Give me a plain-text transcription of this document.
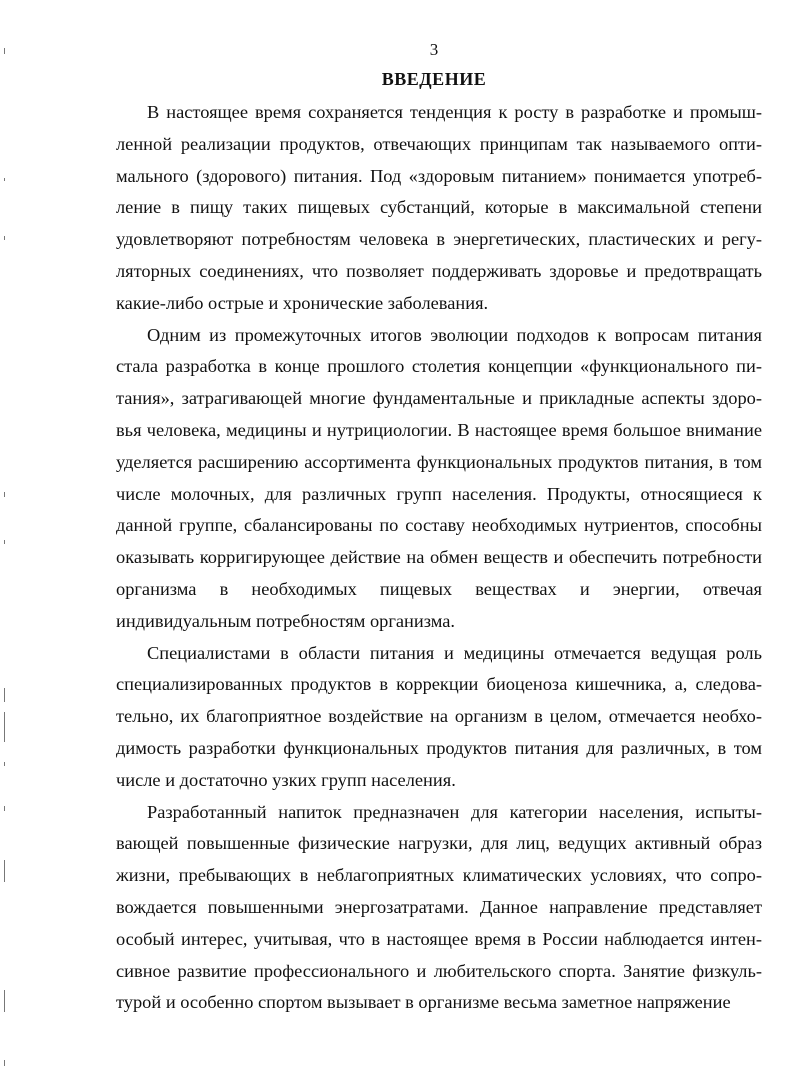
3
ВВЕДЕНИЕ

В настоящее время сохраняется тенденция к росту в разработке и промышленной реализации продуктов, отвечающих принципам так называемого оптимального (здорового) питания. Под «здоровым питанием» понимается употребление в пищу таких пищевых субстанций, которые в максимальной степени удовлетворяют потребностям человека в энергетических, пластических и регуляторных соединениях, что позволяет поддерживать здоровье и предотвращать какие-либо острые и хронические заболевания.

Одним из промежуточных итогов эволюции подходов к вопросам питания стала разработка в конце прошлого столетия концепции «функционального питания», затрагивающей многие фундаментальные и прикладные аспекты здоровья человека, медицины и нутрициологии. В настоящее время большое внимание уделяется расширению ассортимента функциональных продуктов питания, в том числе молочных, для различных групп населения. Продукты, относящиеся к данной группе, сбалансированы по составу необходимых нутриентов, способны оказывать корригирующее действие на обмен веществ и обеспечить потребности организма в необходимых пищевых веществах и энергии, отвечая индивидуальным потребностям организма.

Специалистами в области питания и медицины отмечается ведущая роль специализированных продуктов в коррекции биоценоза кишечника, а, следовательно, их благоприятное воздействие на организм в целом, отмечается необходимость разработки функциональных продуктов питания для различных, в том числе и достаточно узких групп населения.

Разработанный напиток предназначен для категории населения, испытывающей повышенные физические нагрузки, для лиц, ведущих активный образ жизни, пребывающих в неблагоприятных климатических условиях, что сопровождается повышенными энергозатратами. Данное направление представляет особый интерес, учитывая, что в настоящее время в России наблюдается интенсивное развитие профессионального и любительского спорта. Занятие физкультурой и особенно спортом вызывает в организме весьма заметное напряжение
